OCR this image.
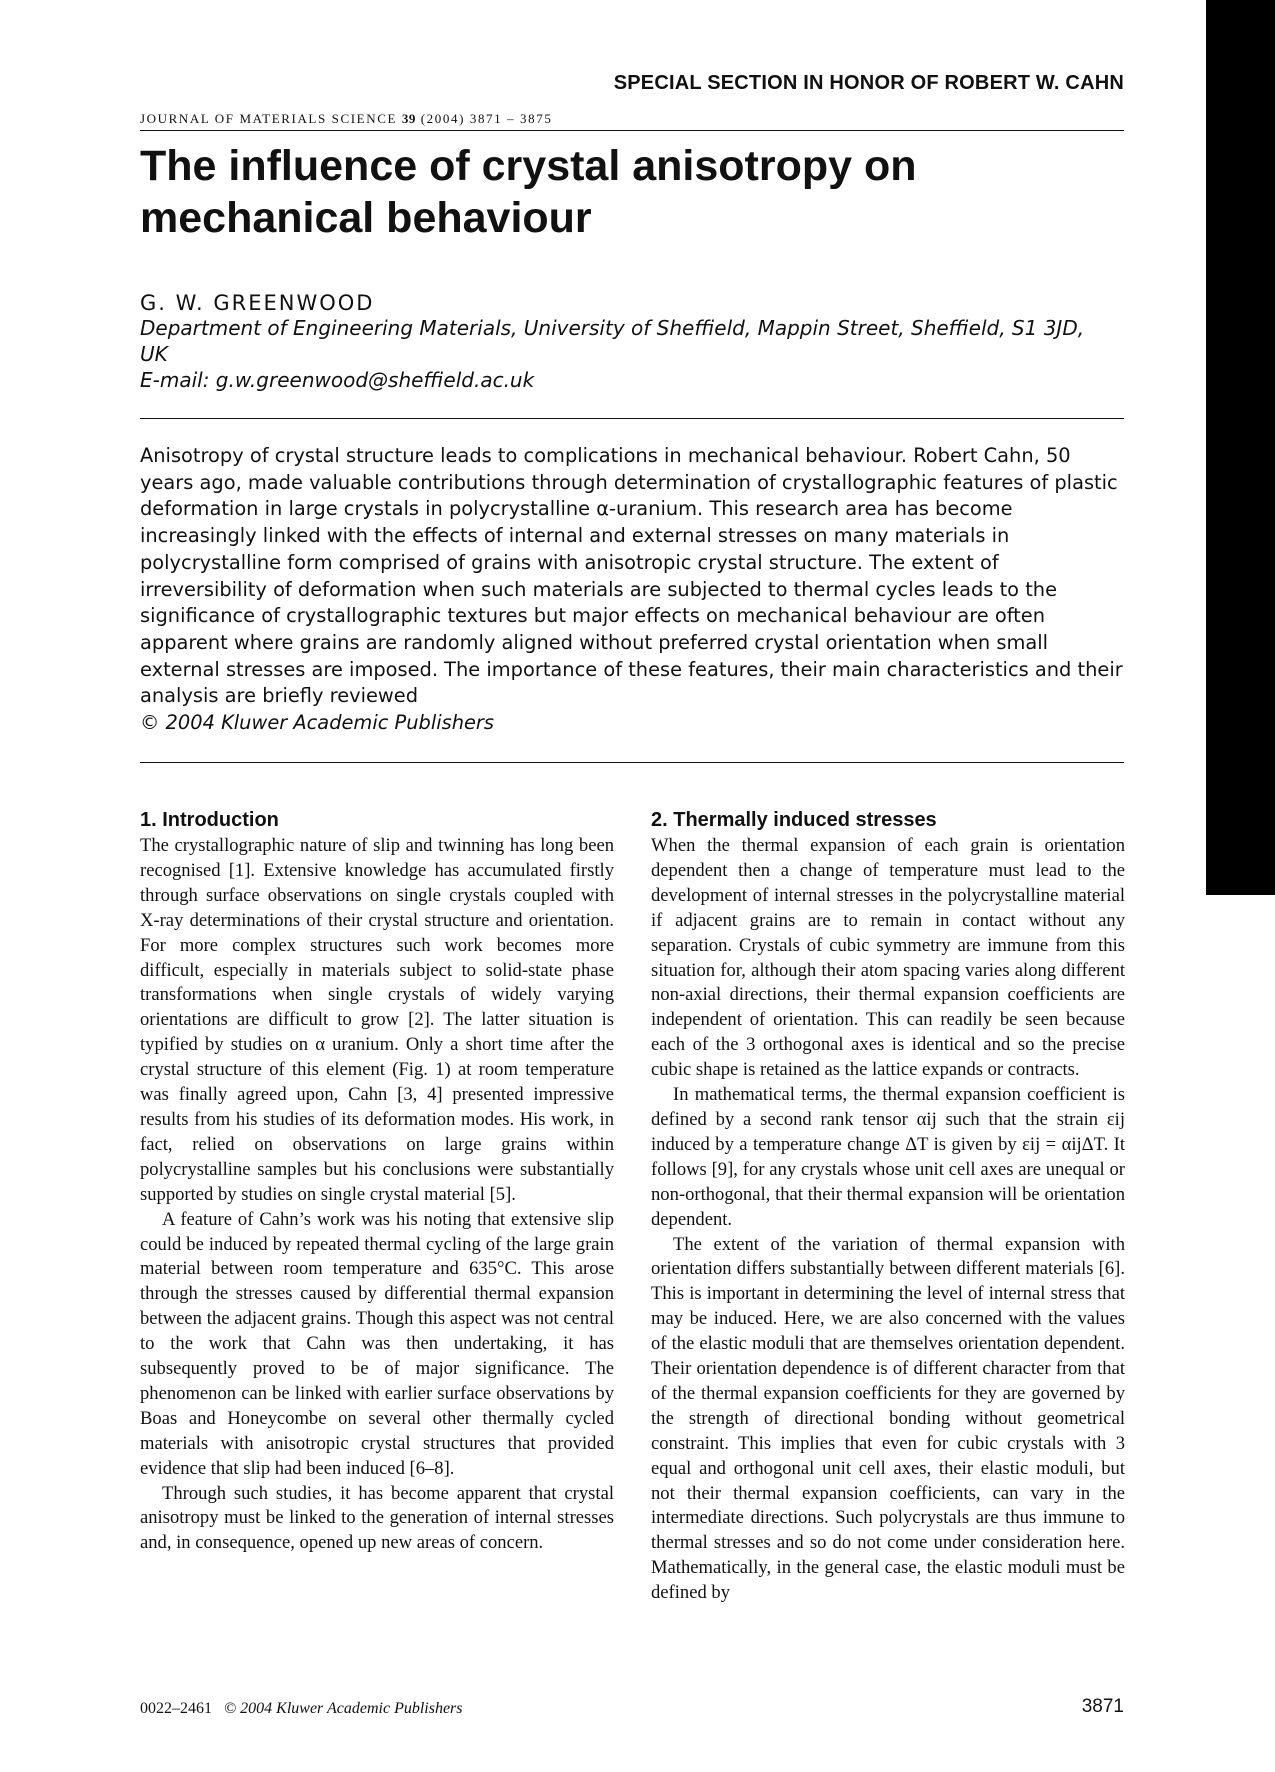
SPECIAL SECTION IN HONOR OF ROBERT W. CAHN
JOURNAL OF MATERIALS SCIENCE 39 (2004) 3871 – 3875
The influence of crystal anisotropy on mechanical behaviour
G. W. GREENWOOD
Department of Engineering Materials, University of Sheffield, Mappin Street, Sheffield, S1 3JD, UK
E-mail: g.w.greenwood@sheffield.ac.uk

Anisotropy of crystal structure leads to complications in mechanical behaviour. Robert Cahn, 50 years ago, made valuable contributions through determination of crystallographic features of plastic deformation in large crystals in polycrystalline α-uranium. This research area has become increasingly linked with the effects of internal and external stresses on many materials in polycrystalline form comprised of grains with anisotropic crystal structure. The extent of irreversibility of deformation when such materials are subjected to thermal cycles leads to the significance of crystallographic textures but major effects on mechanical behaviour are often apparent where grains are randomly aligned without preferred crystal orientation when small external stresses are imposed. The importance of these features, their main characteristics and their analysis are briefly reviewed
© 2004 Kluwer Academic Publishers

1. Introduction

The crystallographic nature of slip and twinning has long been recognised [1]. Extensive knowledge has accumulated firstly through surface observations on single crystals coupled with X-ray determinations of their crystal structure and orientation. For more complex structures such work becomes more difficult, especially in materials subject to solid-state phase transformations when single crystals of widely varying orientations are difficult to grow [2]. The latter situation is typified by studies on α uranium. Only a short time after the crystal structure of this element (Fig. 1) at room temperature was finally agreed upon, Cahn [3, 4] presented impressive results from his studies of its deformation modes. His work, in fact, relied on observations on large grains within polycrystalline samples but his conclusions were substantially supported by studies on single crystal material [5].

A feature of Cahn’s work was his noting that extensive slip could be induced by repeated thermal cycling of the large grain material between room temperature and 635°C. This arose through the stresses caused by differential thermal expansion between the adjacent grains. Though this aspect was not central to the work that Cahn was then undertaking, it has subsequently proved to be of major significance. The phenomenon can be linked with earlier surface observations by Boas and Honeycombe on several other thermally cycled materials with anisotropic crystal structures that provided evidence that slip had been induced [6–8].

Through such studies, it has become apparent that crystal anisotropy must be linked to the generation of internal stresses and, in consequence, opened up new areas of concern.

2. Thermally induced stresses

When the thermal expansion of each grain is orientation dependent then a change of temperature must lead to the development of internal stresses in the polycrystalline material if adjacent grains are to remain in contact without any separation. Crystals of cubic symmetry are immune from this situation for, although their atom spacing varies along different non-axial directions, their thermal expansion coefficients are independent of orientation. This can readily be seen because each of the 3 orthogonal axes is identical and so the precise cubic shape is retained as the lattice expands or contracts.

In mathematical terms, the thermal expansion coefficient is defined by a second rank tensor αij such that the strain εij induced by a temperature change ΔT is given by εij = αijΔT. It follows [9], for any crystals whose unit cell axes are unequal or non-orthogonal, that their thermal expansion will be orientation dependent.

The extent of the variation of thermal expansion with orientation differs substantially between different materials [6]. This is important in determining the level of internal stress that may be induced. Here, we are also concerned with the values of the elastic moduli that are themselves orientation dependent. Their orientation dependence is of different character from that of the thermal expansion coefficients for they are governed by the strength of directional bonding without geometrical constraint. This implies that even for cubic crystals with 3 equal and orthogonal unit cell axes, their elastic moduli, but not their thermal expansion coefficients, can vary in the intermediate directions. Such polycrystals are thus immune to thermal stresses and so do not come under consideration here. Mathematically, in the general case, the elastic moduli must be defined by

0022–2461 © 2004 Kluwer Academic Publishers	3871
